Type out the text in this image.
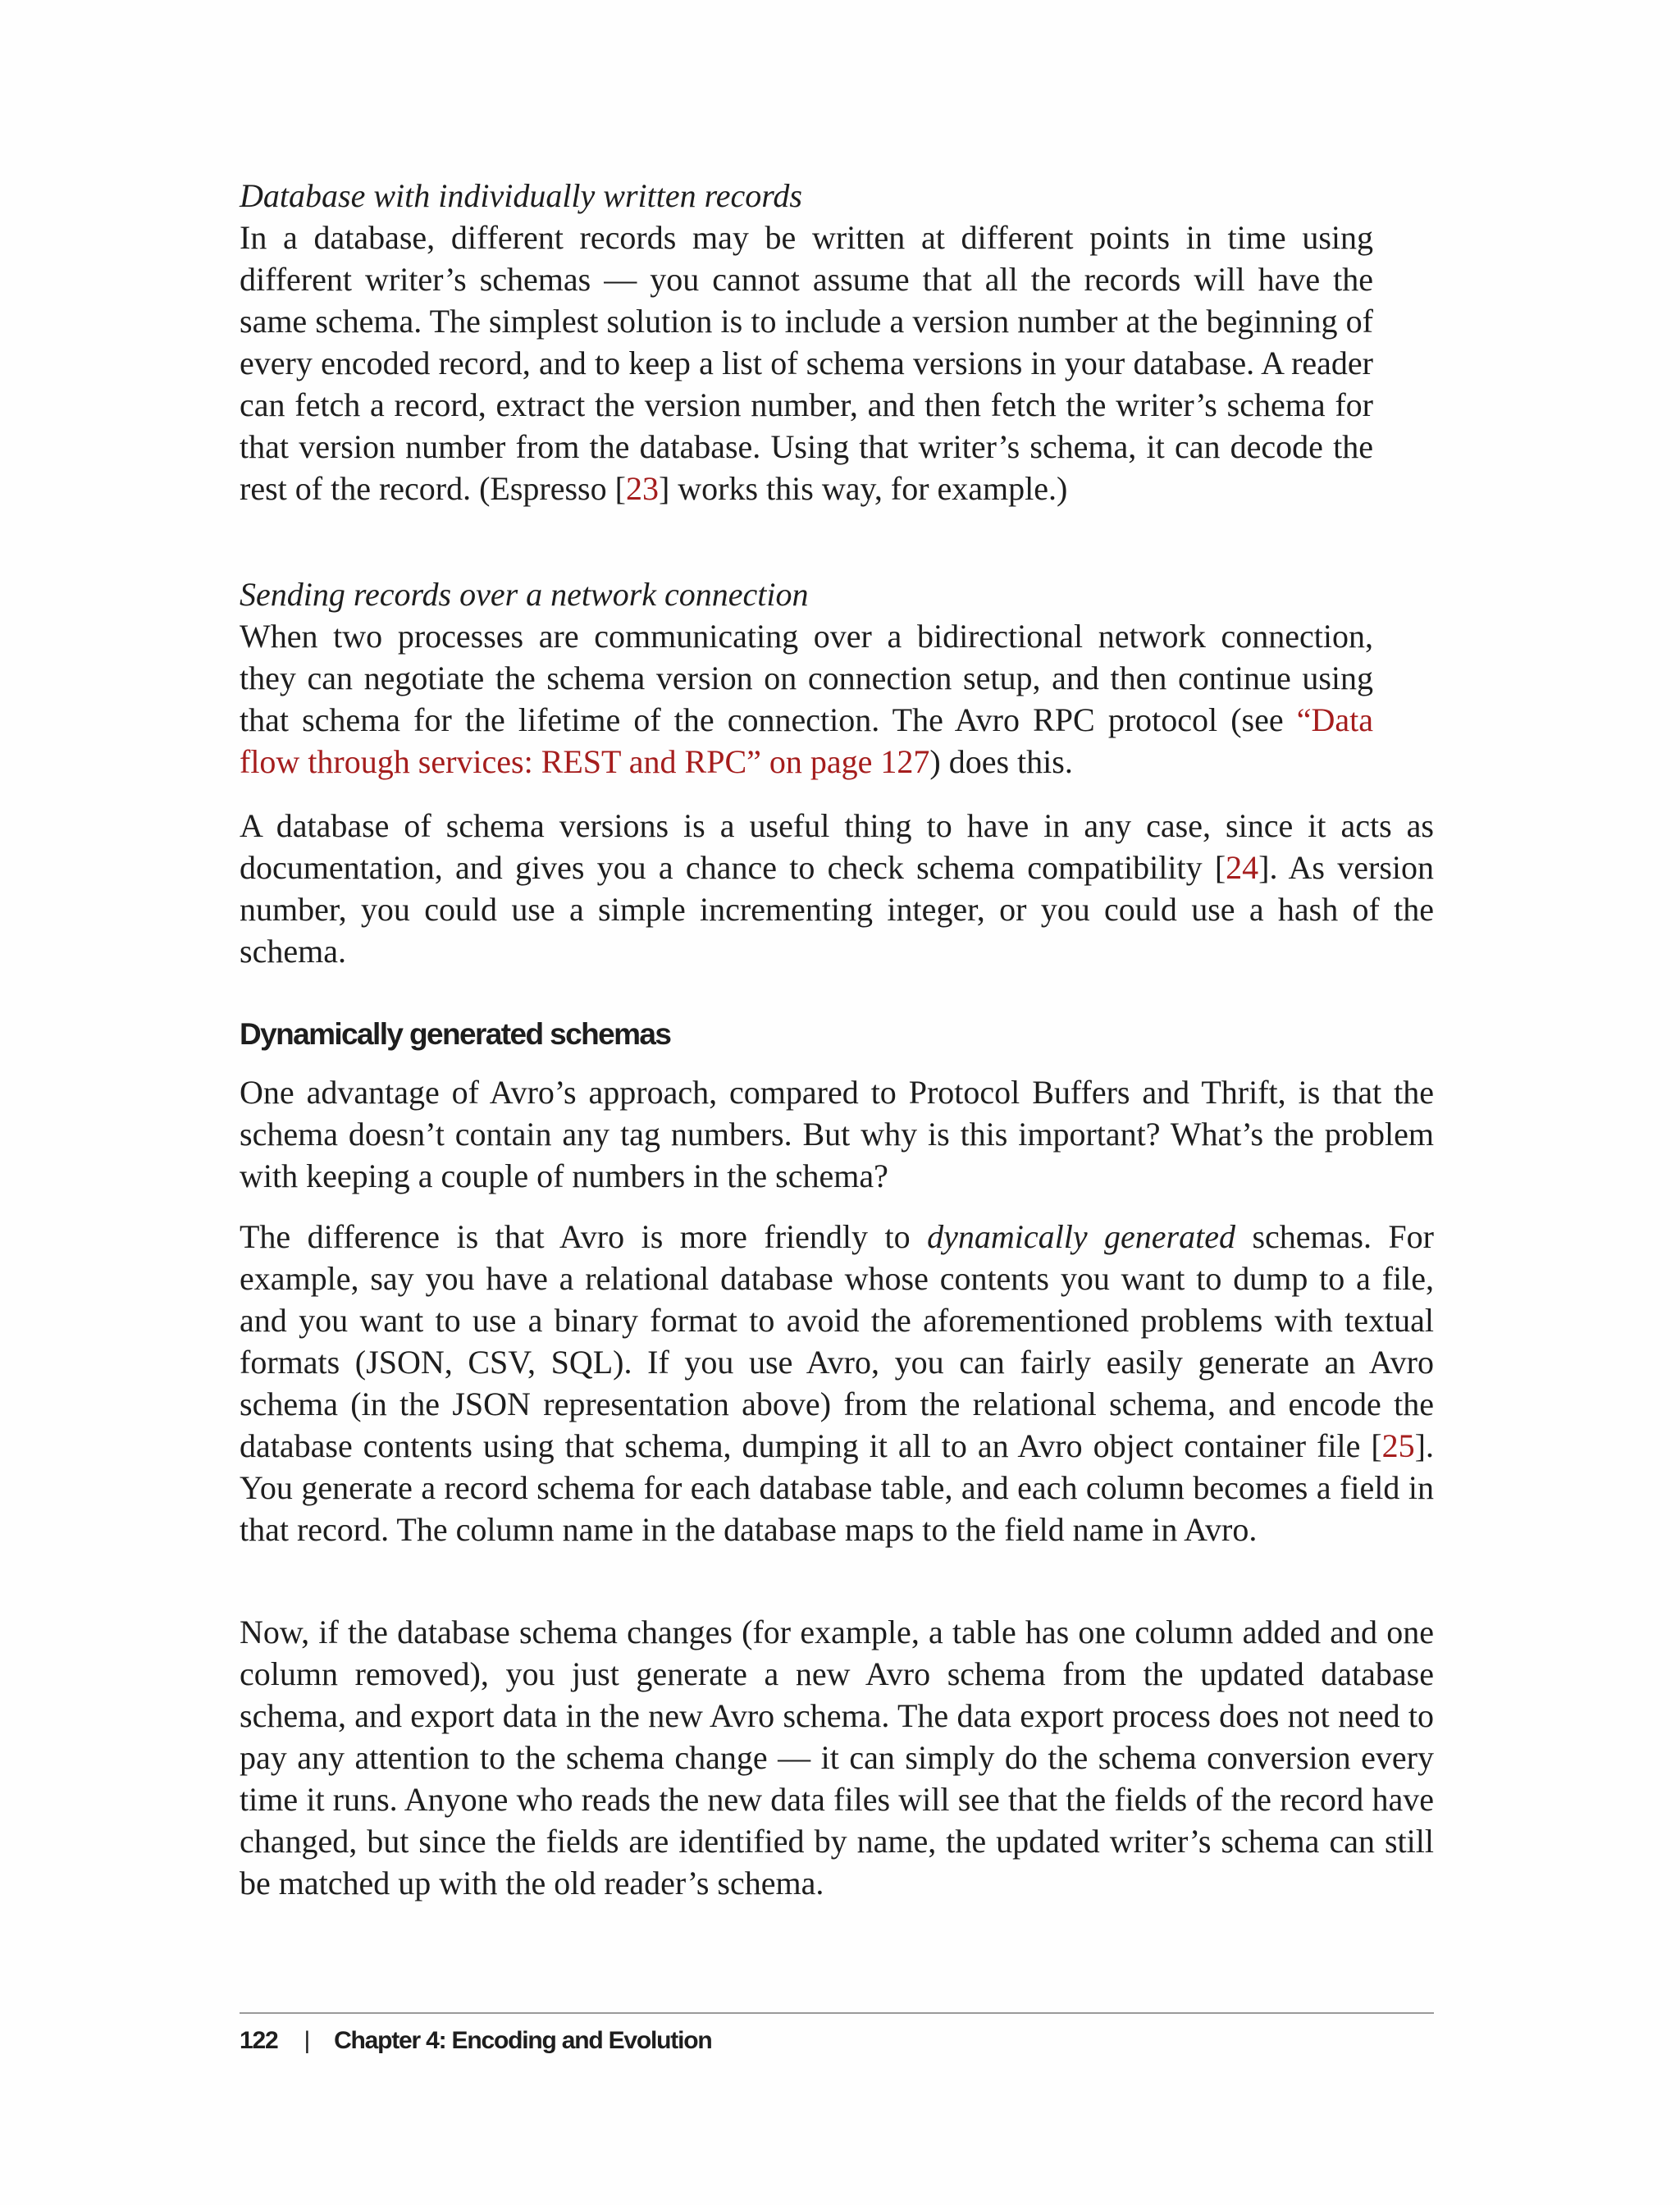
Database with individually written records

In a database, different records may be written at different points in time using different writer’s schemas — you cannot assume that all the records will have the same schema. The simplest solution is to include a version number at the beginning of every encoded record, and to keep a list of schema versions in your database. A reader can fetch a record, extract the version number, and then fetch the writer’s schema for that version number from the database. Using that writer’s schema, it can decode the rest of the record. (Espresso [23] works this way, for example.)

Sending records over a network connection

When two processes are communicating over a bidirectional network connection, they can negotiate the schema version on connection setup, and then continue using that schema for the lifetime of the connection. The Avro RPC protocol (see “Data flow through services: REST and RPC” on page 127) does this.

A database of schema versions is a useful thing to have in any case, since it acts as documentation, and gives you a chance to check schema compatibility [24]. As version number, you could use a simple incrementing integer, or you could use a hash of the schema.

Dynamically generated schemas

One advantage of Avro’s approach, compared to Protocol Buffers and Thrift, is that the schema doesn’t contain any tag numbers. But why is this important? What’s the problem with keeping a couple of numbers in the schema?

The difference is that Avro is more friendly to dynamically generated schemas. For example, say you have a relational database whose contents you want to dump to a file, and you want to use a binary format to avoid the aforementioned problems with textual formats (JSON, CSV, SQL). If you use Avro, you can fairly easily generate an Avro schema (in the JSON representation above) from the relational schema, and encode the database contents using that schema, dumping it all to an Avro object container file [25]. You generate a record schema for each database table, and each column becomes a field in that record. The column name in the database maps to the field name in Avro.

Now, if the database schema changes (for example, a table has one column added and one column removed), you just generate a new Avro schema from the updated database schema, and export data in the new Avro schema. The data export process does not need to pay any attention to the schema change — it can simply do the schema conversion every time it runs. Anyone who reads the new data files will see that the fields of the record have changed, but since the fields are identified by name, the updated writer’s schema can still be matched up with the old reader’s schema.

122 | Chapter 4: Encoding and Evolution
